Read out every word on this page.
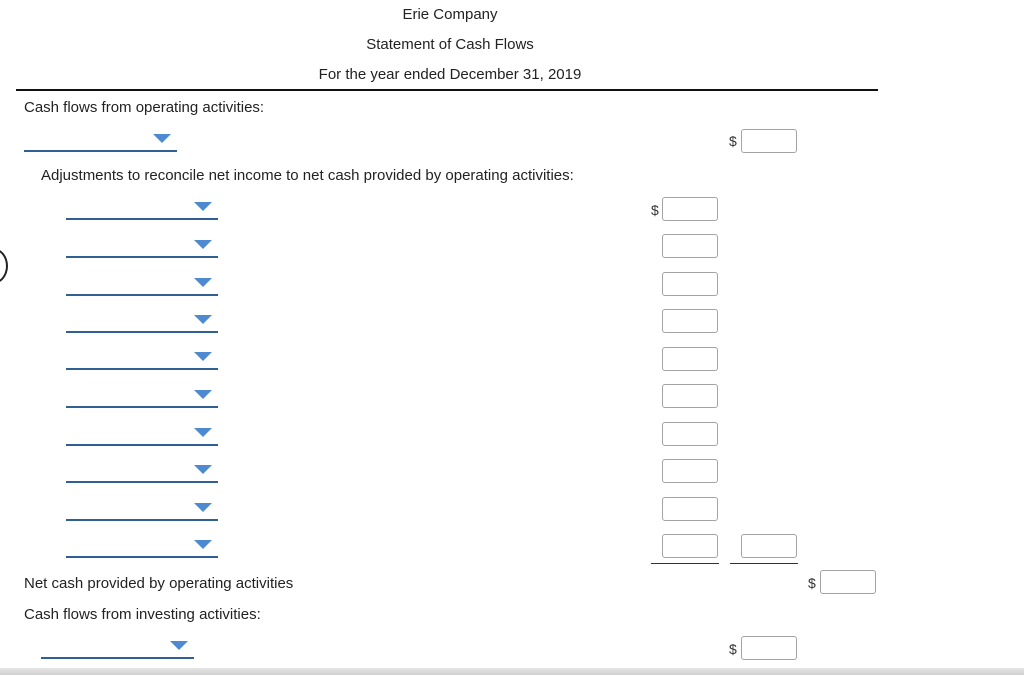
Erie Company
Statement of Cash Flows
For the year ended December 31, 2019
Cash flows from operating activities:
$
Adjustments to reconcile net income to net cash provided by operating activities:
$
Net cash provided by operating activities	$
Cash flows from investing activities:
$
